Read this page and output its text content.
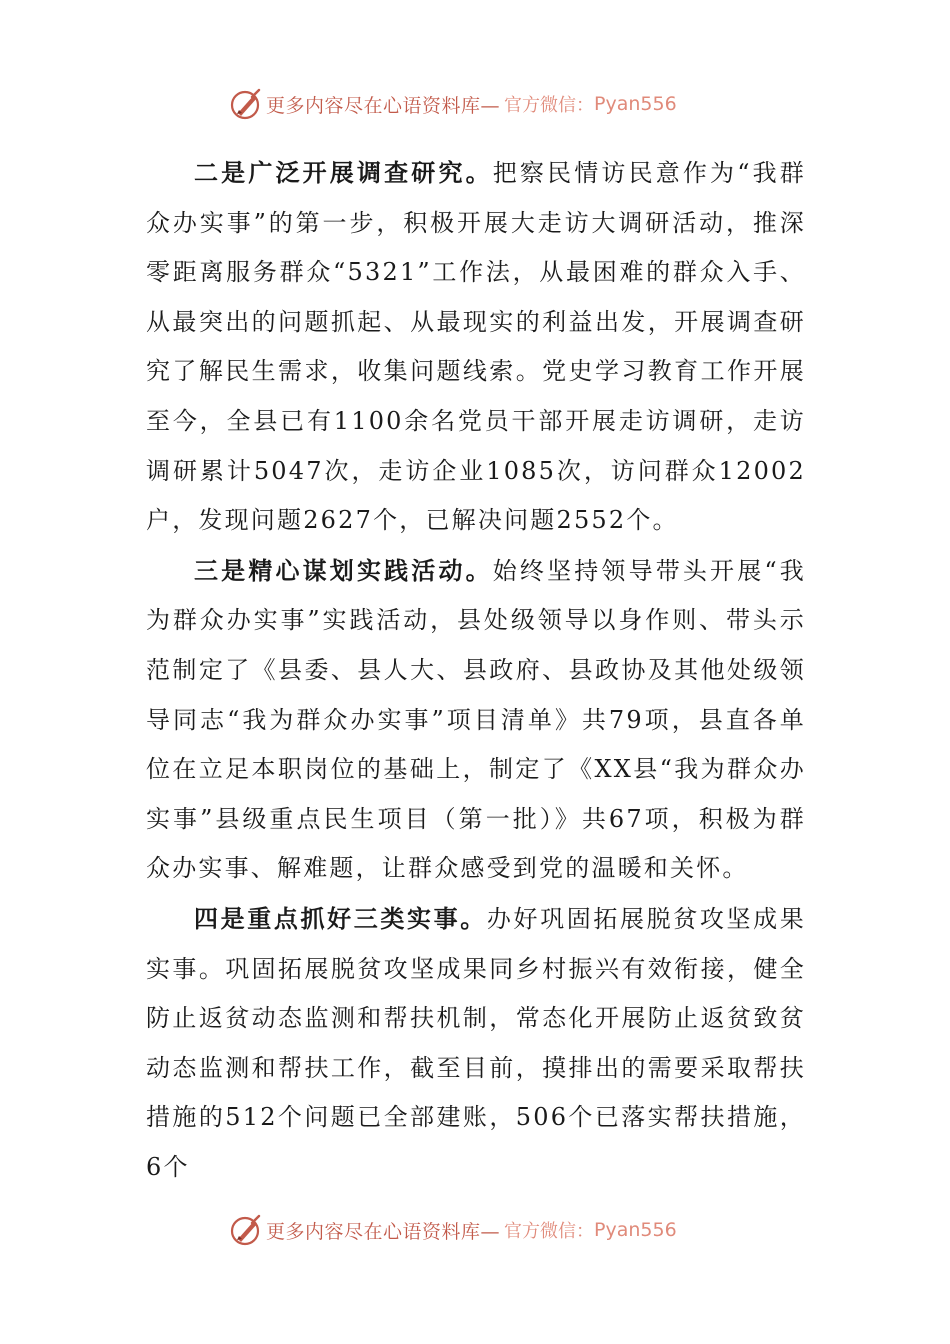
更多内容尽在心语资料库— 官方微信： Pyan556

二是广泛开展调查研究。把察民情访民意作为“我群众办实事”的第一步，积极开展大走访大调研活动，推深零距离服务群众“5321”工作法，从最困难的群众入手、从最突出的问题抓起、从最现实的利益出发，开展调查研究了解民生需求，收集问题线索。党史学习教育工作开展至今，全县已有1100余名党员干部开展走访调研，走访调研累计5047次，走访企业1085次，访问群众12002户，发现问题2627个，已解决问题2552个。

三是精心谋划实践活动。始终坚持领导带头开展“我为群众办实事”实践活动，县处级领导以身作则、带头示范制定了《县委、县人大、县政府、县政协及其他处级领导同志“我为群众办实事”项目清单》共79项，县直各单位在立足本职岗位的基础上，制定了《XX县“我为群众办实事”县级重点民生项目（第一批）》共67项，积极为群众办实事、解难题，让群众感受到党的温暖和关怀。

四是重点抓好三类实事。办好巩固拓展脱贫攻坚成果实事。巩固拓展脱贫攻坚成果同乡村振兴有效衔接，健全防止返贫动态监测和帮扶机制，常态化开展防止返贫致贫动态监测和帮扶工作，截至目前，摸排出的需要采取帮扶措施的512个问题已全部建账，506个已落实帮扶措施，6个

更多内容尽在心语资料库— 官方微信： Pyan556
